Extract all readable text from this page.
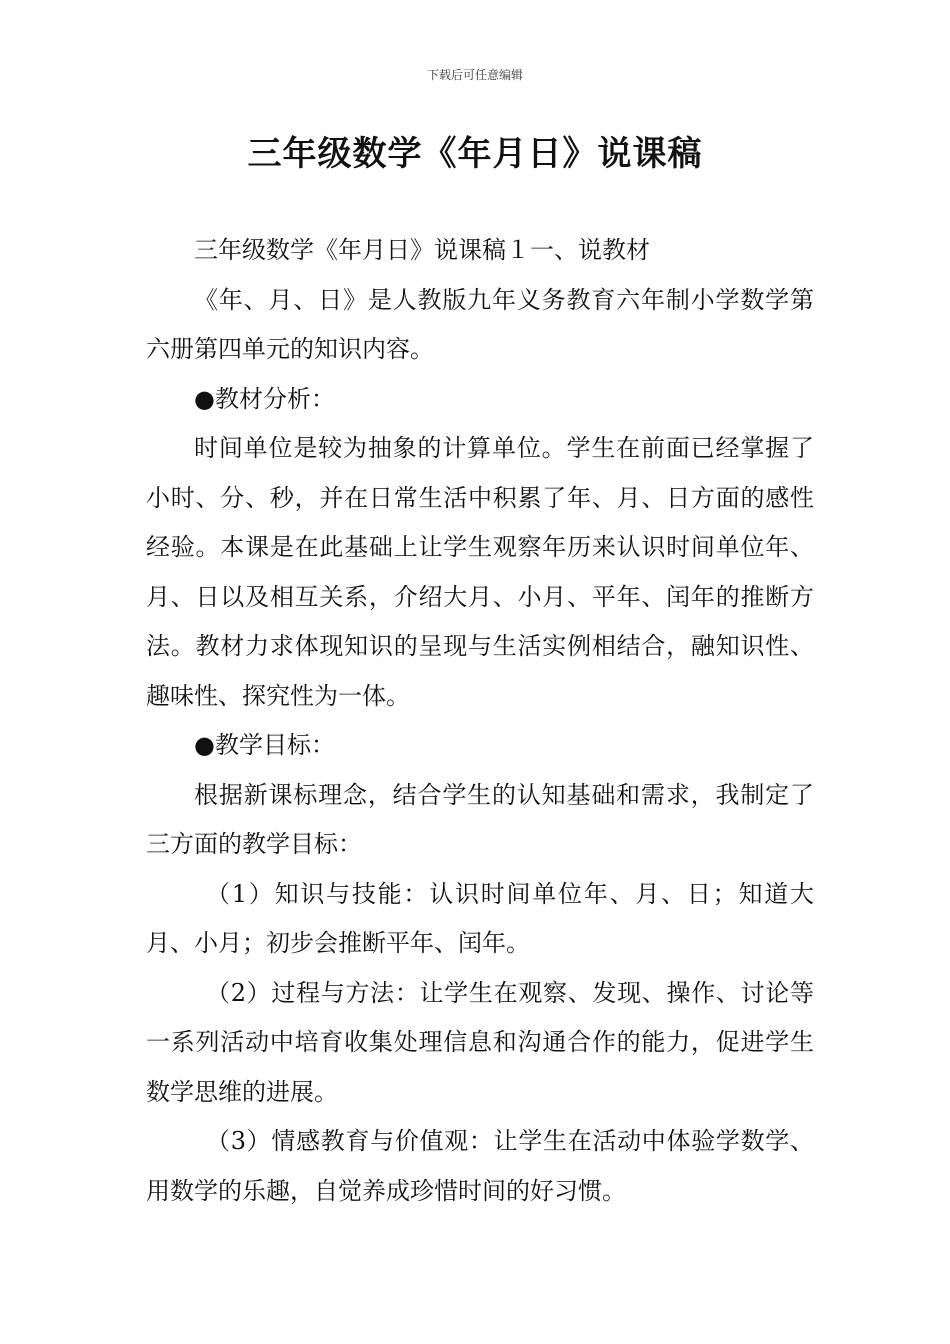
下载后可任意编辑
三年级数学《年月日》说课稿

三年级数学《年月日》说课稿１一、说教材

《年、月、日》是人教版九年义务教育六年制小学数学第六册第四单元的知识内容。

●教材分析：

时间单位是较为抽象的计算单位。学生在前面已经掌握了小时、分、秒，并在日常生活中积累了年、月、日方面的感性经验。本课是在此基础上让学生观察年历来认识时间单位年、月、日以及相互关系，介绍大月、小月、平年、闰年的推断方法。教材力求体现知识的呈现与生活实例相结合，融知识性、趣味性、探究性为一体。

●教学目标：

根据新课标理念，结合学生的认知基础和需求，我制定了三方面的教学目标：

（1）知识与技能：认识时间单位年、月、日；知道大月、小月；初步会推断平年、闰年。

（2）过程与方法：让学生在观察、发现、操作、讨论等一系列活动中培育收集处理信息和沟通合作的能力，促进学生数学思维的进展。

（3）情感教育与价值观：让学生在活动中体验学数学、用数学的乐趣，自觉养成珍惜时间的好习惯。
